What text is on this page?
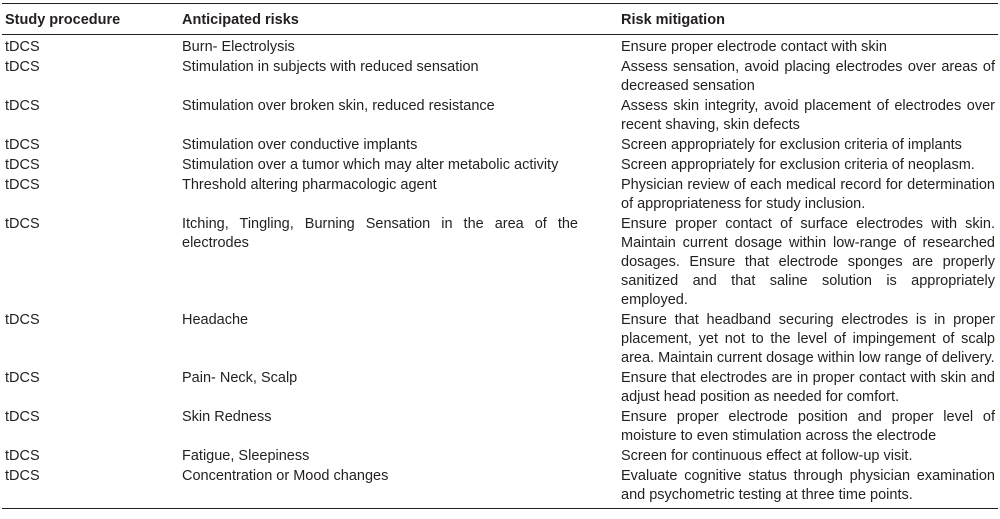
Study procedure	Anticipated risks	Risk mitigation
tDCS	Burn- Electrolysis	Ensure proper electrode contact with skin
tDCS	Stimulation in subjects with reduced sensation	Assess sensation, avoid placing electrodes over areas of decreased sensation
tDCS	Stimulation over broken skin, reduced resistance	Assess skin integrity, avoid placement of electrodes over recent shaving, skin defects
tDCS	Stimulation over conductive implants	Screen appropriately for exclusion criteria of implants
tDCS	Stimulation over a tumor which may alter metabolic activity	Screen appropriately for exclusion criteria of neoplasm.
tDCS	Threshold altering pharmacologic agent	Physician review of each medical record for determination of appropriateness for study inclusion.
tDCS	Itching, Tingling, Burning Sensation in the area of the electrodes	Ensure proper contact of surface electrodes with skin. Maintain current dosage within low-range of researched dosages. Ensure that electrode sponges are properly sanitized and that saline solution is appropriately employed.
tDCS	Headache	Ensure that headband securing electrodes is in proper placement, yet not to the level of impingement of scalp area. Maintain current dosage within low range of delivery.
tDCS	Pain- Neck, Scalp	Ensure that electrodes are in proper contact with skin and adjust head position as needed for comfort.
tDCS	Skin Redness	Ensure proper electrode position and proper level of moisture to even stimulation across the electrode
tDCS	Fatigue, Sleepiness	Screen for continuous effect at follow-up visit.
tDCS	Concentration or Mood changes	Evaluate cognitive status through physician examination and psychometric testing at three time points.
